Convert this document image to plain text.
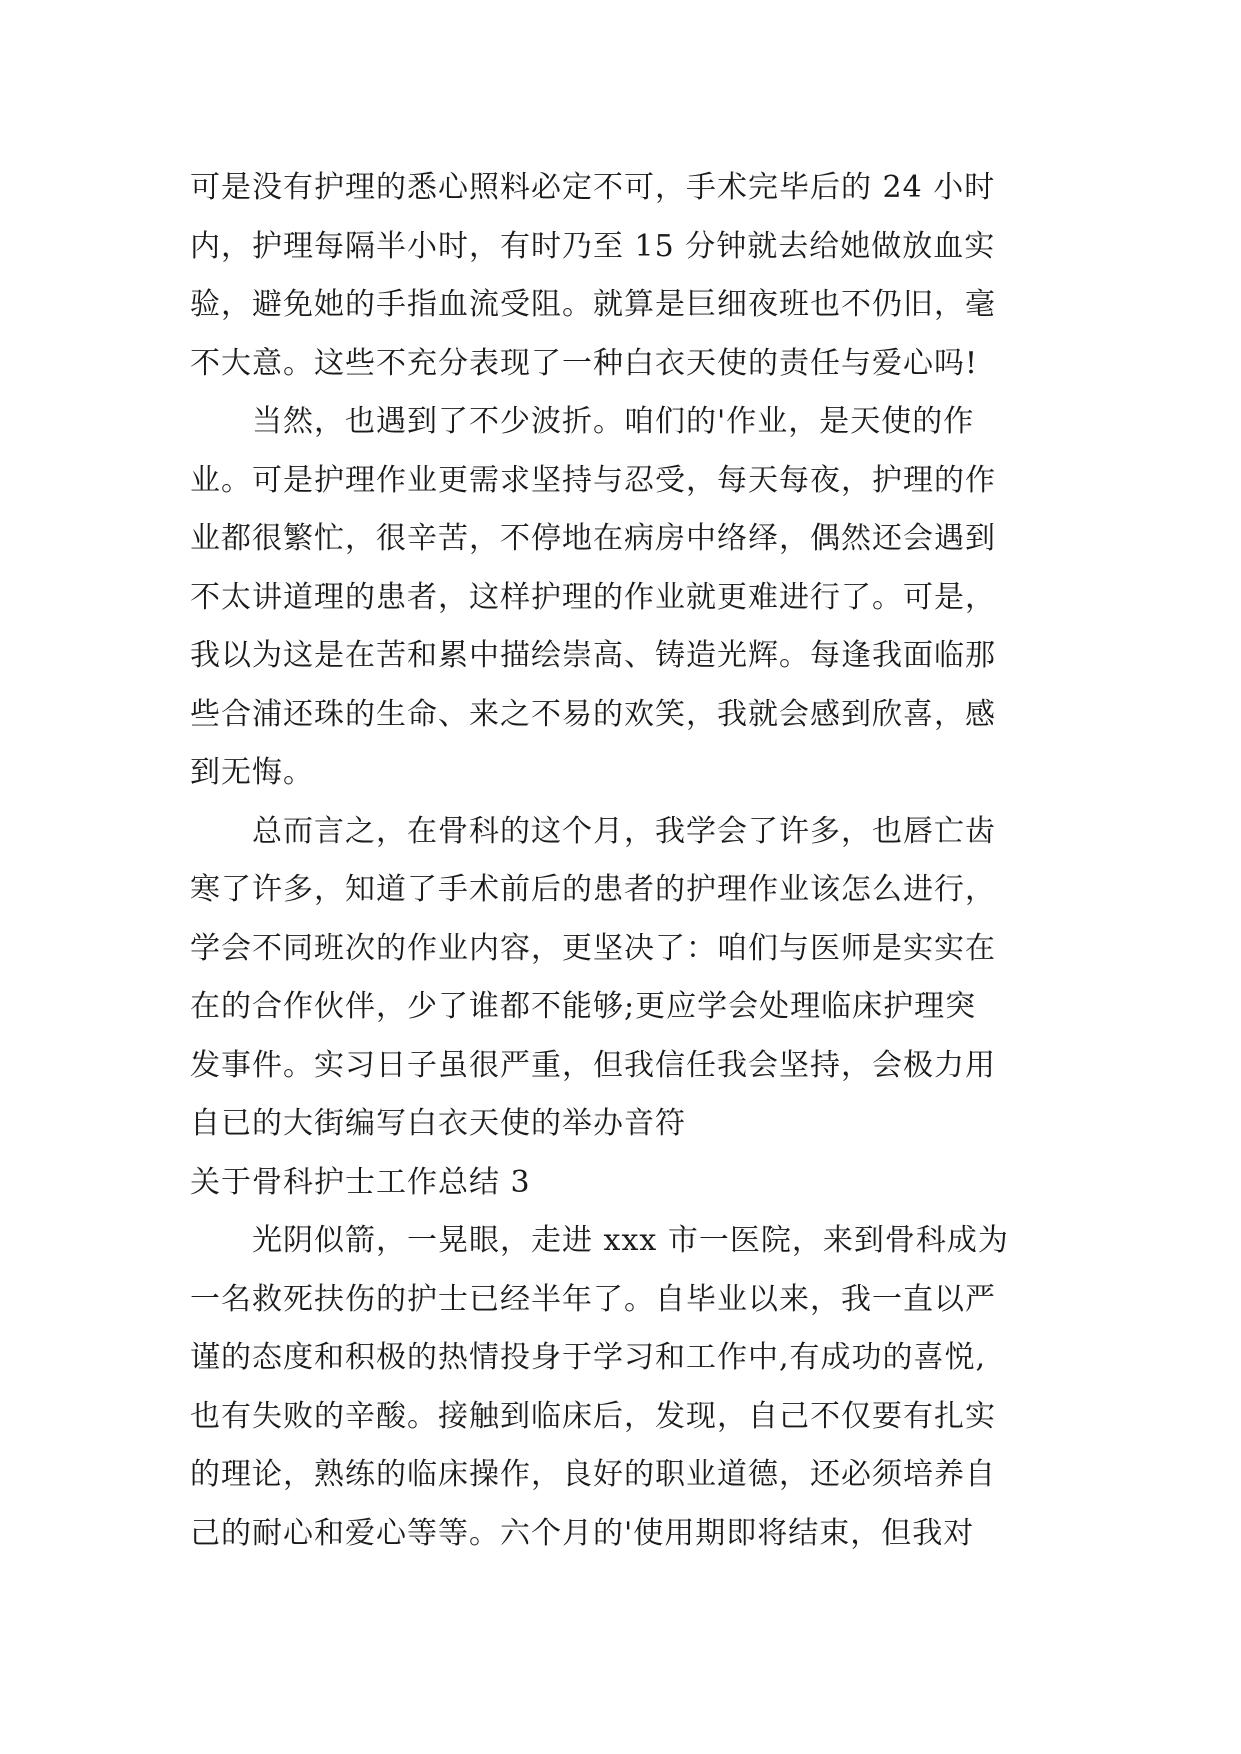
可是没有护理的悉心照料必定不可，手术完毕后的 24 小时
内，护理每隔半小时，有时乃至 15 分钟就去给她做放血实
验，避免她的手指血流受阻。就算是巨细夜班也不仍旧，毫
不大意。这些不充分表现了一种白衣天使的责任与爱心吗!
当然，也遇到了不少波折。咱们的'作业，是天使的作
业。可是护理作业更需求坚持与忍受，每天每夜，护理的作
业都很繁忙，很辛苦，不停地在病房中络绎，偶然还会遇到
不太讲道理的患者，这样护理的作业就更难进行了。可是，
我以为这是在苦和累中描绘崇高、铸造光辉。每逢我面临那
些合浦还珠的生命、来之不易的欢笑，我就会感到欣喜，感
到无悔。
总而言之，在骨科的这个月，我学会了许多，也唇亡齿
寒了许多，知道了手术前后的患者的护理作业该怎么进行，
学会不同班次的作业内容，更坚决了：咱们与医师是实实在
在的合作伙伴，少了谁都不能够;更应学会处理临床护理突
发事件。实习日子虽很严重，但我信任我会坚持，会极力用
自已的大街编写白衣天使的举办音符
关于骨科护士工作总结 3
光阴似箭，一晃眼，走进 xxx 市一医院，来到骨科成为
一名救死扶伤的护士已经半年了。自毕业以来，我一直以严
谨的态度和积极的热情投身于学习和工作中,有成功的喜悦,
也有失败的辛酸。接触到临床后，发现，自己不仅要有扎实
的理论，熟练的临床操作，良好的职业道德，还必须培养自
己的耐心和爱心等等。六个月的'使用期即将结束，但我对
